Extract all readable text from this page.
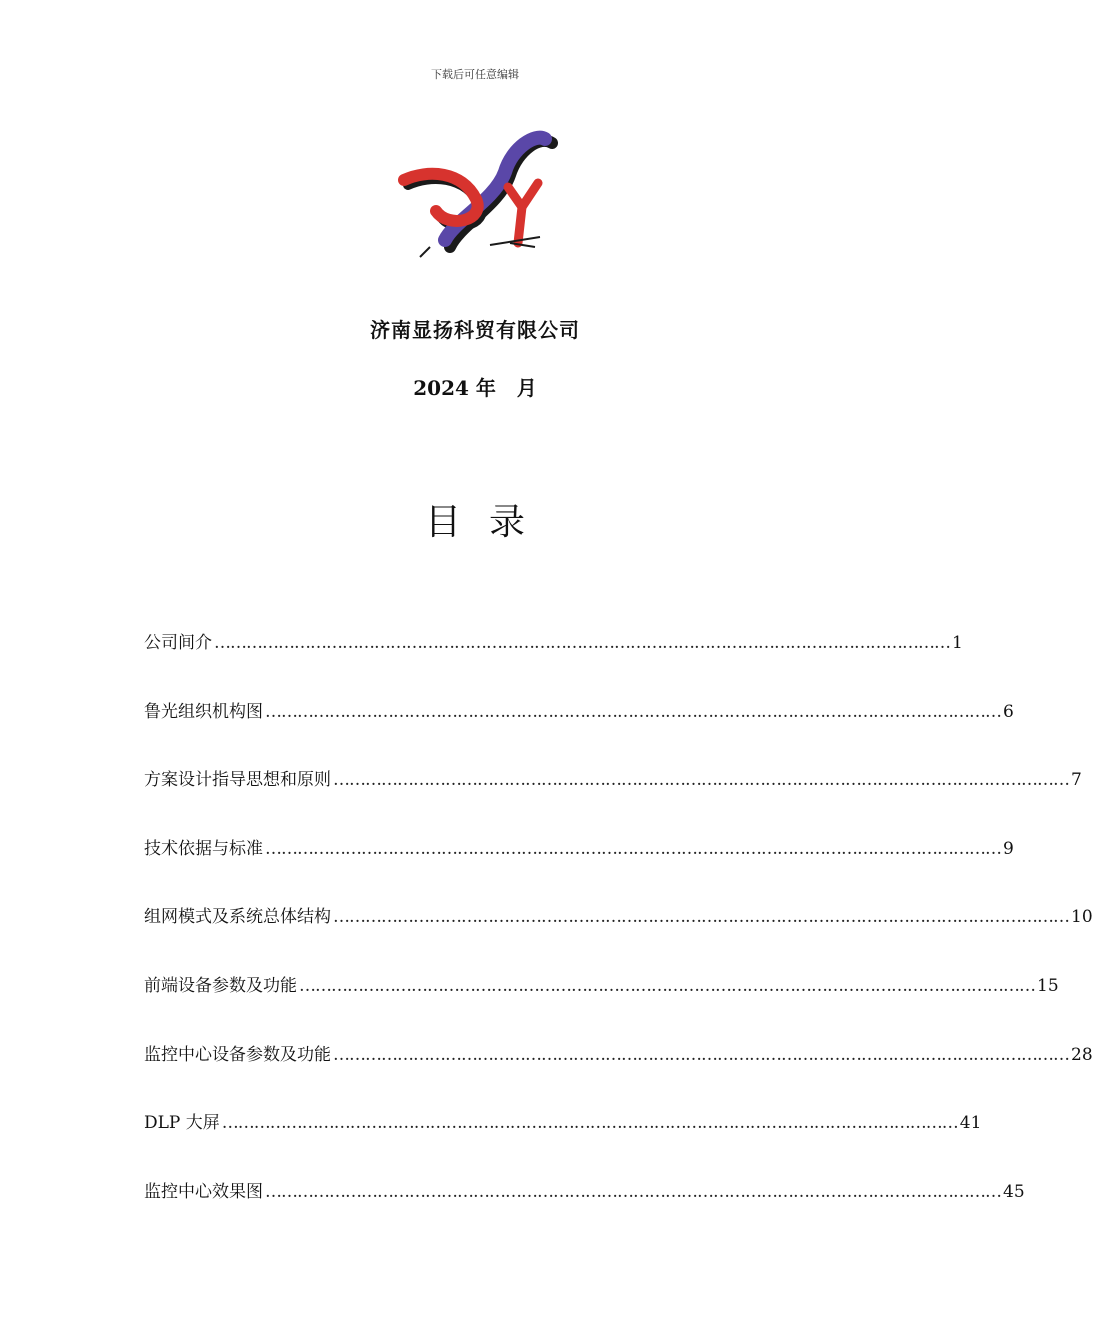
下载后可任意编辑
济南显扬科贸有限公司
2024 年   月
目录
公司间介 ………………………………………………………………………………………………………………………… 1
鲁光组织机构图 ………………………………………………………………………………………………………………………… 6
方案设计指导思想和原则 ………………………………………………………………………………………………………………………… 7
技术依据与标准 ………………………………………………………………………………………………………………………… 9
组网模式及系统总体结构 ………………………………………………………………………………………………………………………… 10
前端设备参数及功能 ………………………………………………………………………………………………………………………… 15
监控中心设备参数及功能 ………………………………………………………………………………………………………………………… 28
DLP 大屏 ………………………………………………………………………………………………………………………… 41
监控中心效果图 ………………………………………………………………………………………………………………………… 45
